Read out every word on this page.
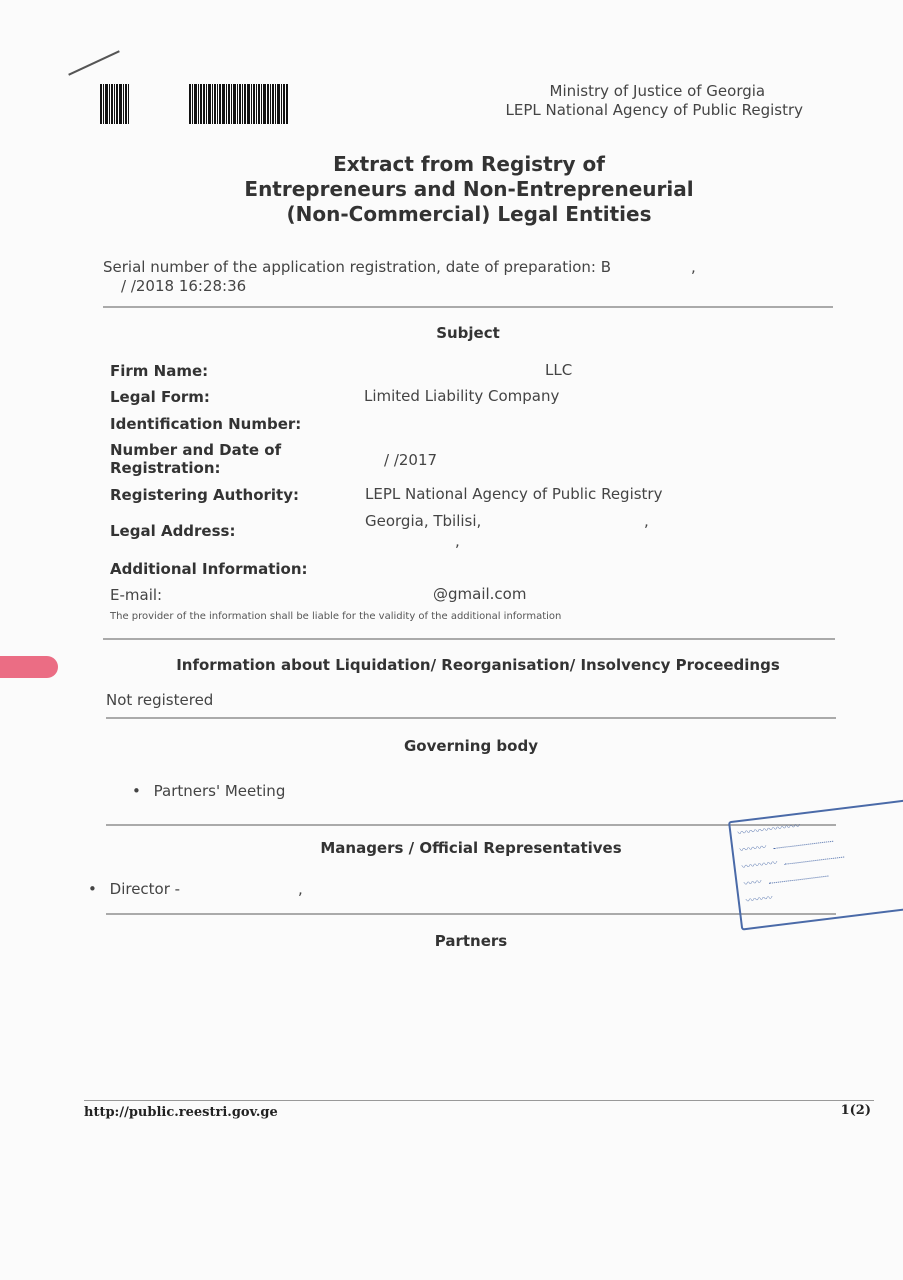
Ministry of Justice of Georgia
LEPL National Agency of Public Registry
Extract from Registry of
Entrepreneurs and Non-Entrepreneurial
(Non-Commercial) Legal Entities
Serial number of the application registration, date of preparation: B	,
/ /2018 16:28:36
Subject
Firm Name:	LLC
Legal Form:	Limited Liability Company
Identification Number:
Number and Date of
Registration:	/ /2017
Registering Authority:	LEPL National Agency of Public Registry
Legal Address:
Georgia, Tbilisi,	,
,
Additional Information:
E-mail:	@gmail.com
The provider of the information shall be liable for the validity of the additional information
Information about Liquidation/ Reorganisation/ Insolvency Proceedings
Not registered
Governing body
• Partners' Meeting
Managers / Official Representatives
• Director -	,
Partners
〰〰〰〰〰〰〰
〰〰〰
〰〰〰〰
〰〰
〰〰〰
http://public.reestri.gov.ge	1(2)
